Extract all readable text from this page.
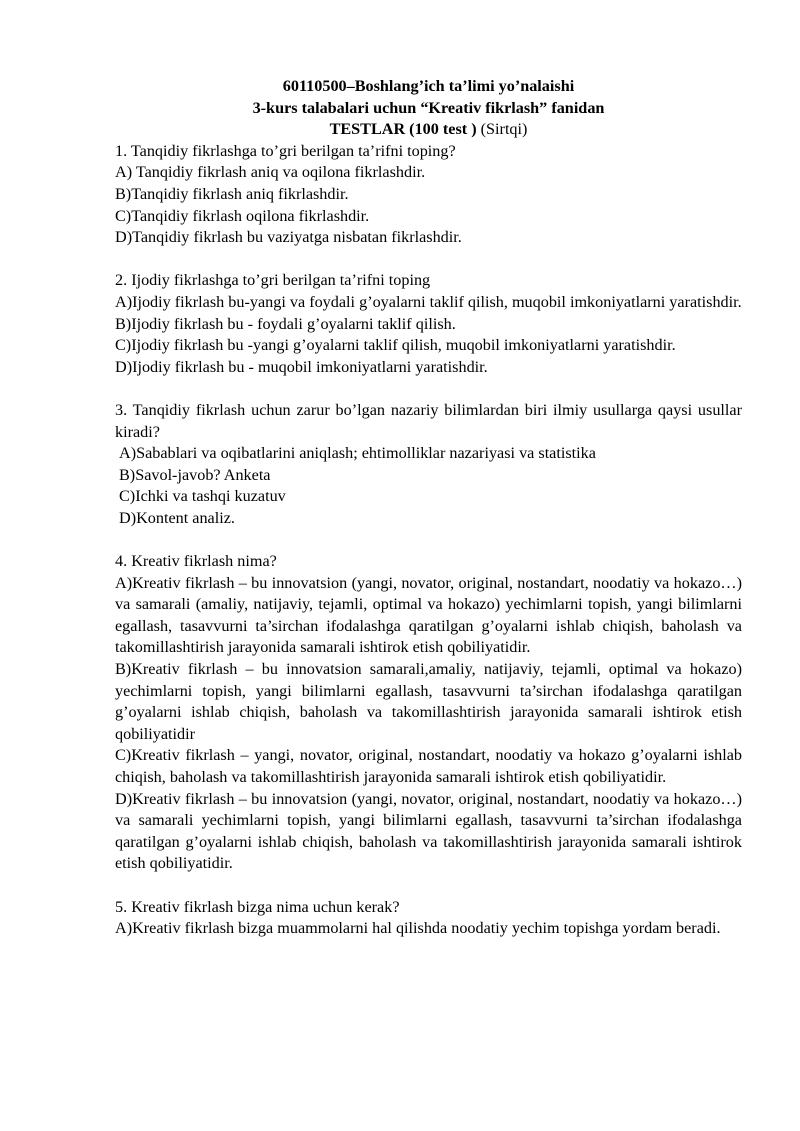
60110500–Boshlang’ich ta’limi yo’nalaishi
3-kurs talabalari uchun “Kreativ fikrlash” fanidan
TESTLAR (100 test ) (Sirtqi)
1. Tanqidiy fikrlashga to’gri berilgan ta’rifni toping?
A) Tanqidiy fikrlash aniq va oqilona fikrlashdir.
B)Tanqidiy fikrlash aniq fikrlashdir.
C)Tanqidiy fikrlash oqilona fikrlashdir.
D)Tanqidiy fikrlash bu vaziyatga nisbatan fikrlashdir.
2. Ijodiy fikrlashga to’gri berilgan ta’rifni toping
A)Ijodiy fikrlash bu-yangi va foydali g’oyalarni taklif qilish, muqobil imkoniyatlarni yaratishdir.
B)Ijodiy fikrlash bu - foydali g’oyalarni taklif qilish.
C)Ijodiy fikrlash bu -yangi g’oyalarni taklif qilish, muqobil imkoniyatlarni yaratishdir.
D)Ijodiy fikrlash bu - muqobil imkoniyatlarni yaratishdir.
3. Tanqidiy fikrlash uchun zarur bo’lgan nazariy bilimlardan biri ilmiy usullarga qaysi usullar kiradi?
A)Sabablari va oqibatlarini aniqlash; ehtimolliklar nazariyasi va statistika
B)Savol-javob? Anketa
C)Ichki va tashqi kuzatuv
D)Kontent analiz.
4. Kreativ fikrlash nima?
A)Kreativ fikrlash – bu innovatsion (yangi, novator, original, nostandart, noodatiy va hokazo…) va samarali (amaliy, natijaviy, tejamli, optimal va hokazo) yechimlarni topish, yangi bilimlarni egallash, tasavvurni ta’sirchan ifodalashga qaratilgan g’oyalarni ishlab chiqish, baholash va takomillashtirish jarayonida samarali ishtirok etish qobiliyatidir.
B)Kreativ fikrlash – bu innovatsion samarali,amaliy, natijaviy, tejamli, optimal va hokazo) yechimlarni topish, yangi bilimlarni egallash, tasavvurni ta’sirchan ifodalashga qaratilgan g’oyalarni ishlab chiqish, baholash va takomillashtirish jarayonida samarali ishtirok etish qobiliyatidir
C)Kreativ fikrlash – yangi, novator, original, nostandart, noodatiy va hokazo g’oyalarni ishlab chiqish, baholash va takomillashtirish jarayonida samarali ishtirok etish qobiliyatidir.
D)Kreativ fikrlash – bu innovatsion (yangi, novator, original, nostandart, noodatiy va hokazo…) va samarali yechimlarni topish, yangi bilimlarni egallash, tasavvurni ta’sirchan ifodalashga qaratilgan g’oyalarni ishlab chiqish, baholash va takomillashtirish jarayonida samarali ishtirok etish qobiliyatidir.
5. Kreativ fikrlash bizga nima uchun kerak?
A)Kreativ fikrlash bizga muammolarni hal qilishda noodatiy yechim topishga yordam beradi.
